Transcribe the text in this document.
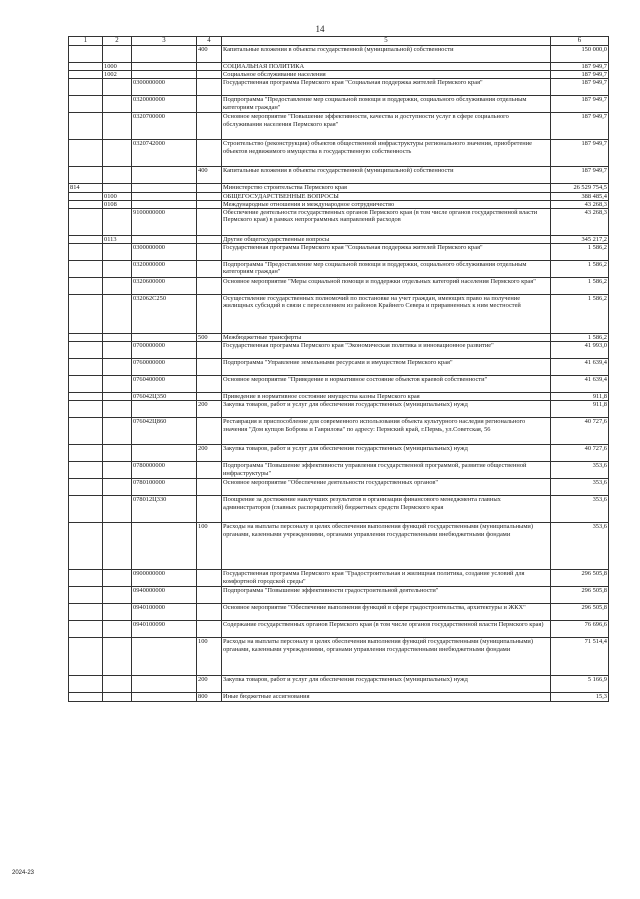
14
1	2	3	4	5	6
			400	Капитальные вложения в объекты государственной (муниципальной) собственности	150 000,0
	1000			СОЦИАЛЬНАЯ ПОЛИТИКА	187 949,7
	1002			Социальное обслуживание населения	187 949,7
		0300000000		Государственная программа Пермского края "Социальная поддержка жителей Пермского края"	187 949,7
		0320000000		Подпрограмма "Предоставление мер социальной помощи и поддержки, социального обслуживания отдельным категориям граждан"	187 949,7
		0320700000		Основное мероприятие "Повышение эффективности, качества и доступности услуг в сфере социального обслуживания населения Пермского края"	187 949,7
		0320742000		Строительство (реконструкция) объектов общественной инфраструктуры регионального значения, приобретение объектов недвижимого имущества в государственную собственность	187 949,7
			400	Капитальные вложения в объекты государственной (муниципальной) собственности	187 949,7
814				Министерство строительства Пермского края	26 529 754,5
	0100			ОБЩЕГОСУДАРСТВЕННЫЕ ВОПРОСЫ	388 485,4
	0108			Международные отношения и международное сотрудничество	43 268,3
		9100000000		Обеспечение деятельности государственных органов Пермского края (в том числе органов государственной власти Пермского края) в рамках непрограммных направлений расходов	43 268,3
	0113			Другие общегосударственные вопросы	345 217,2
		0300000000		Государственная программа Пермского края "Социальная поддержка жителей Пермского края"	1 586,2
		0320000000		Подпрограмма "Предоставление мер социальной помощи и поддержки, социального обслуживания отдельным категориям граждан"	1 586,2
		0320600000		Основное мероприятие "Меры социальной помощи и поддержки отдельных категорий населения Пермского края"	1 586,2
		032062С250		Осуществление государственных полномочий по постановке на учет граждан, имеющих право на получение жилищных субсидий в связи с переселением из районов Крайнего Севера и приравненных к ним местностей	1 586,2
			500	Межбюджетные трансферты	1 586,2
		0700000000		Государственная программа Пермского края "Экономическая политика и инновационное развитие"	41 993,0
		0760000000		Подпрограмма "Управление земельными ресурсами и имуществом Пермского края"	41 639,4
		0760400000		Основное мероприятие "Приведение в нормативное состояние объектов краевой собственности"	41 639,4
		076042Ц350		Приведение в нормативное состояние имущества казны Пермского края	911,8
			200	Закупка товаров, работ и услуг для обеспечения государственных (муниципальных) нужд	911,8
		076042Ц860		Реставрация и приспособление для современного использования объекта культурного наследия регионального значения "Дом купцов Боброва и Гаврилова" по адресу: Пермский край, г.Пермь, ул.Советская, 56	40 727,6
			200	Закупка товаров, работ и услуг для обеспечения государственных (муниципальных) нужд	40 727,6
		0780000000		Подпрограмма "Повышение эффективности управления государственной программой, развитие общественной инфраструктуры"	353,6
		0780100000		Основное мероприятие "Обеспечение деятельности государственных органов"	353,6
		078012Ц330		Поощрение за достижение наилучших результатов в организации финансового менеджмента главных администраторов (главных распорядителей) бюджетных средств Пермского края	353,6
			100	Расходы на выплаты персоналу в целях обеспечения выполнения функций государственными (муниципальными) органами, казенными учреждениями, органами управления государственными внебюджетными фондами	353,6
		0900000000		Государственная программа Пермского края "Градостроительная и жилищная политика, создание условий для комфортной городской среды"	296 505,8
		0940000000		Подпрограмма "Повышение эффективности градостроительной деятельности"	296 505,8
		0940100000		Основное мероприятие "Обеспечение выполнения функций в сфере градостроительства, архитектуры и ЖКХ"	296 505,8
		0940100090		Содержание государственных органов Пермского края (в том числе органов государственной власти Пермского края)	76 696,6
			100	Расходы на выплаты персоналу в целях обеспечения выполнения функций государственными (муниципальными) органами, казенными учреждениями, органами управления государственными внебюджетными фондами	71 514,4
			200	Закупка товаров, работ и услуг для обеспечения государственных (муниципальных) нужд	5 166,9
			800	Иные бюджетные ассигнования	15,3
2024-23
